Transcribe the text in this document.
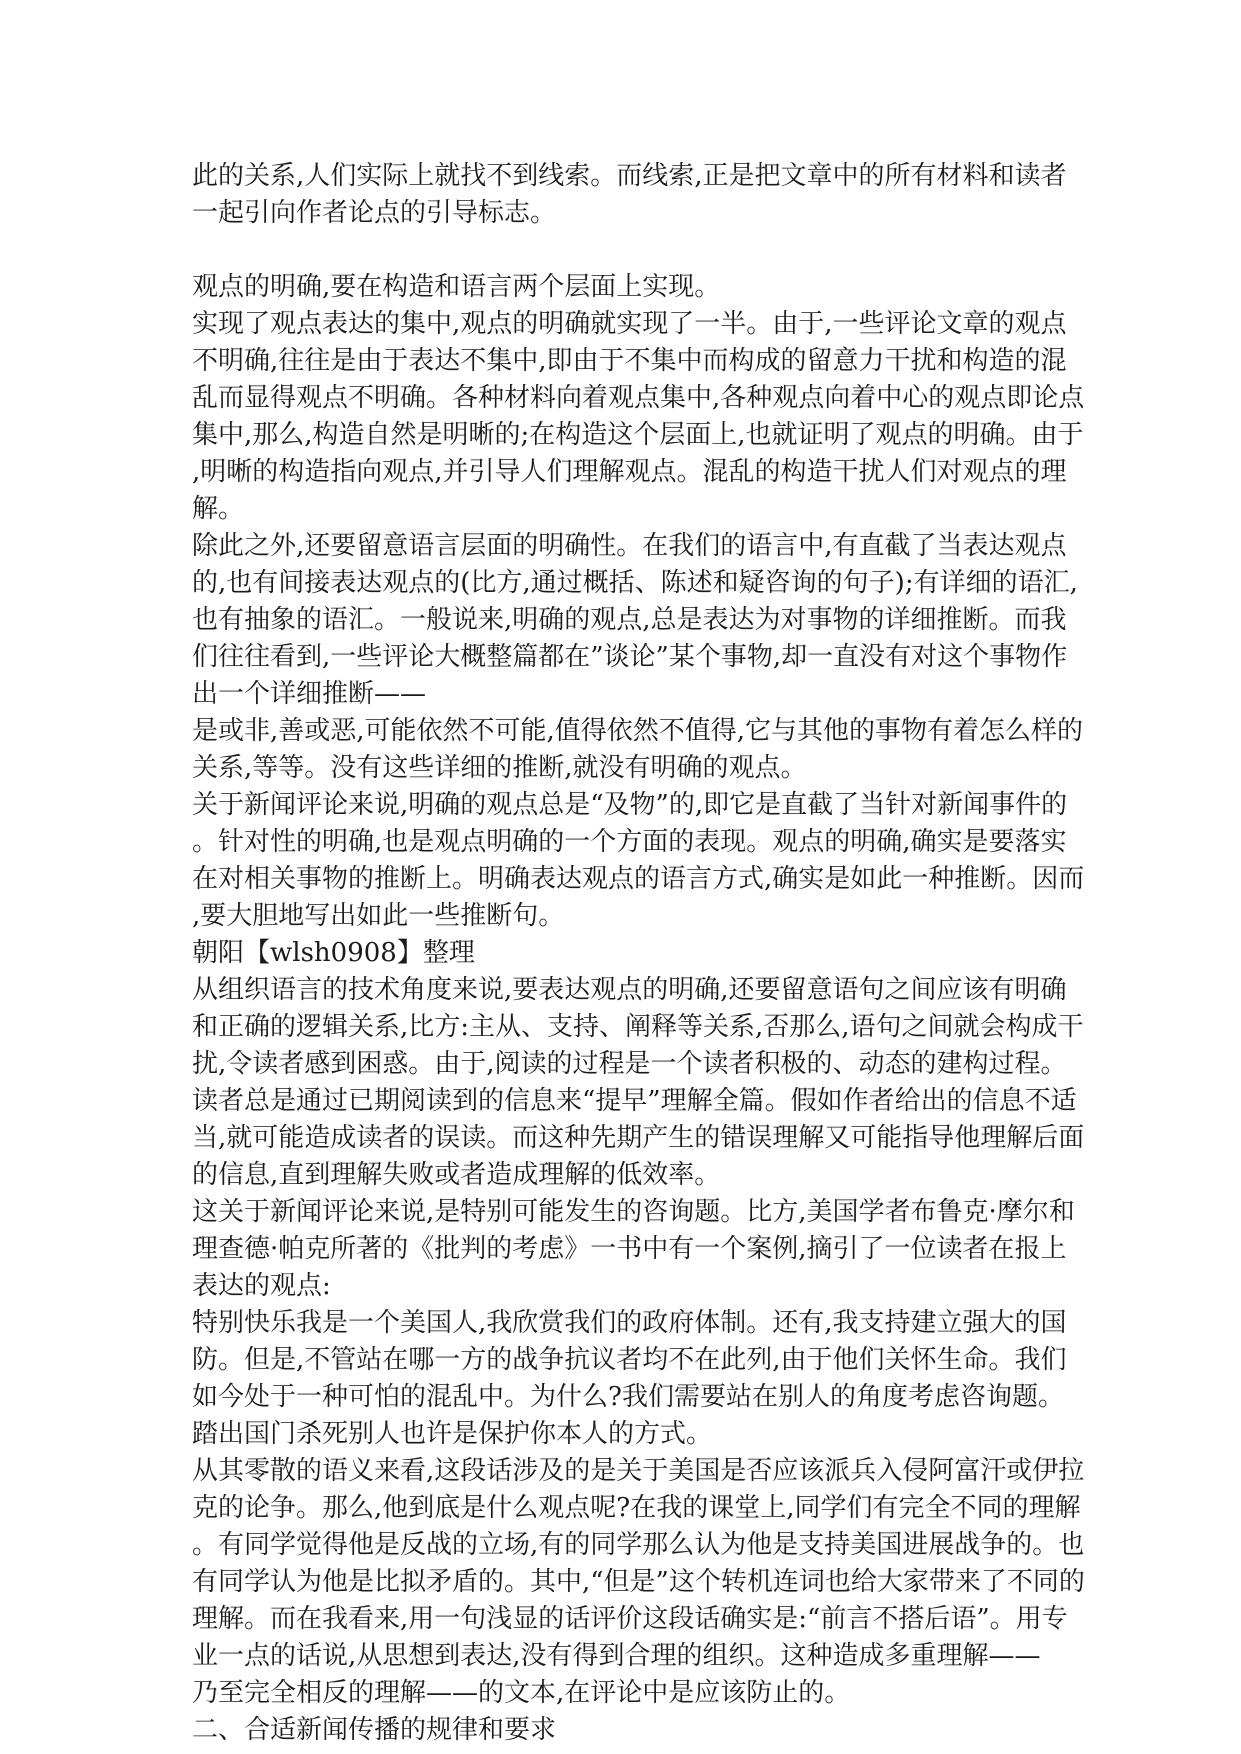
此的关系,人们实际上就找不到线索。而线索,正是把文章中的所有材料和读者
一起引向作者论点的引导标志。
观点的明确,要在构造和语言两个层面上实现。
实现了观点表达的集中,观点的明确就实现了一半。由于,一些评论文章的观点
不明确,往往是由于表达不集中,即由于不集中而构成的留意力干扰和构造的混
乱而显得观点不明确。各种材料向着观点集中,各种观点向着中心的观点即论点
集中,那么,构造自然是明晰的;在构造这个层面上,也就证明了观点的明确。由于
,明晰的构造指向观点,并引导人们理解观点。混乱的构造干扰人们对观点的理
解。
除此之外,还要留意语言层面的明确性。在我们的语言中,有直截了当表达观点
的,也有间接表达观点的(比方,通过概括、陈述和疑咨询的句子);有详细的语汇,
也有抽象的语汇。一般说来,明确的观点,总是表达为对事物的详细推断。而我
们往往看到,一些评论大概整篇都在”谈论”某个事物,却一直没有对这个事物作
出一个详细推断——
是或非,善或恶,可能依然不可能,值得依然不值得,它与其他的事物有着怎么样的
关系,等等。没有这些详细的推断,就没有明确的观点。
关于新闻评论来说,明确的观点总是“及物”的,即它是直截了当针对新闻事件的
。针对性的明确,也是观点明确的一个方面的表现。观点的明确,确实是要落实
在对相关事物的推断上。明确表达观点的语言方式,确实是如此一种推断。因而
,要大胆地写出如此一些推断句。
朝阳【wlsh0908】整理
从组织语言的技术角度来说,要表达观点的明确,还要留意语句之间应该有明确
和正确的逻辑关系,比方:主从、支持、阐释等关系,否那么,语句之间就会构成干
扰,令读者感到困惑。由于,阅读的过程是一个读者积极的、动态的建构过程。
读者总是通过已期阅读到的信息来“提早”理解全篇。假如作者给出的信息不适
当,就可能造成读者的误读。而这种先期产生的错误理解又可能指导他理解后面
的信息,直到理解失败或者造成理解的低效率。
这关于新闻评论来说,是特别可能发生的咨询题。比方,美国学者布鲁克·摩尔和
理查德·帕克所著的《批判的考虑》一书中有一个案例,摘引了一位读者在报上
表达的观点:
特别快乐我是一个美国人,我欣赏我们的政府体制。还有,我支持建立强大的国
防。但是,不管站在哪一方的战争抗议者均不在此列,由于他们关怀生命。我们
如今处于一种可怕的混乱中。为什么?我们需要站在别人的角度考虑咨询题。
踏出国门杀死别人也许是保护你本人的方式。
从其零散的语义来看,这段话涉及的是关于美国是否应该派兵入侵阿富汗或伊拉
克的论争。那么,他到底是什么观点呢?在我的课堂上,同学们有完全不同的理解
。有同学觉得他是反战的立场,有的同学那么认为他是支持美国进展战争的。也
有同学认为他是比拟矛盾的。其中,“但是”这个转机连词也给大家带来了不同的
理解。而在我看来,用一句浅显的话评价这段话确实是:“前言不搭后语”。用专
业一点的话说,从思想到表达,没有得到合理的组织。这种造成多重理解——
乃至完全相反的理解——的文本,在评论中是应该防止的。
二、合适新闻传播的规律和要求
